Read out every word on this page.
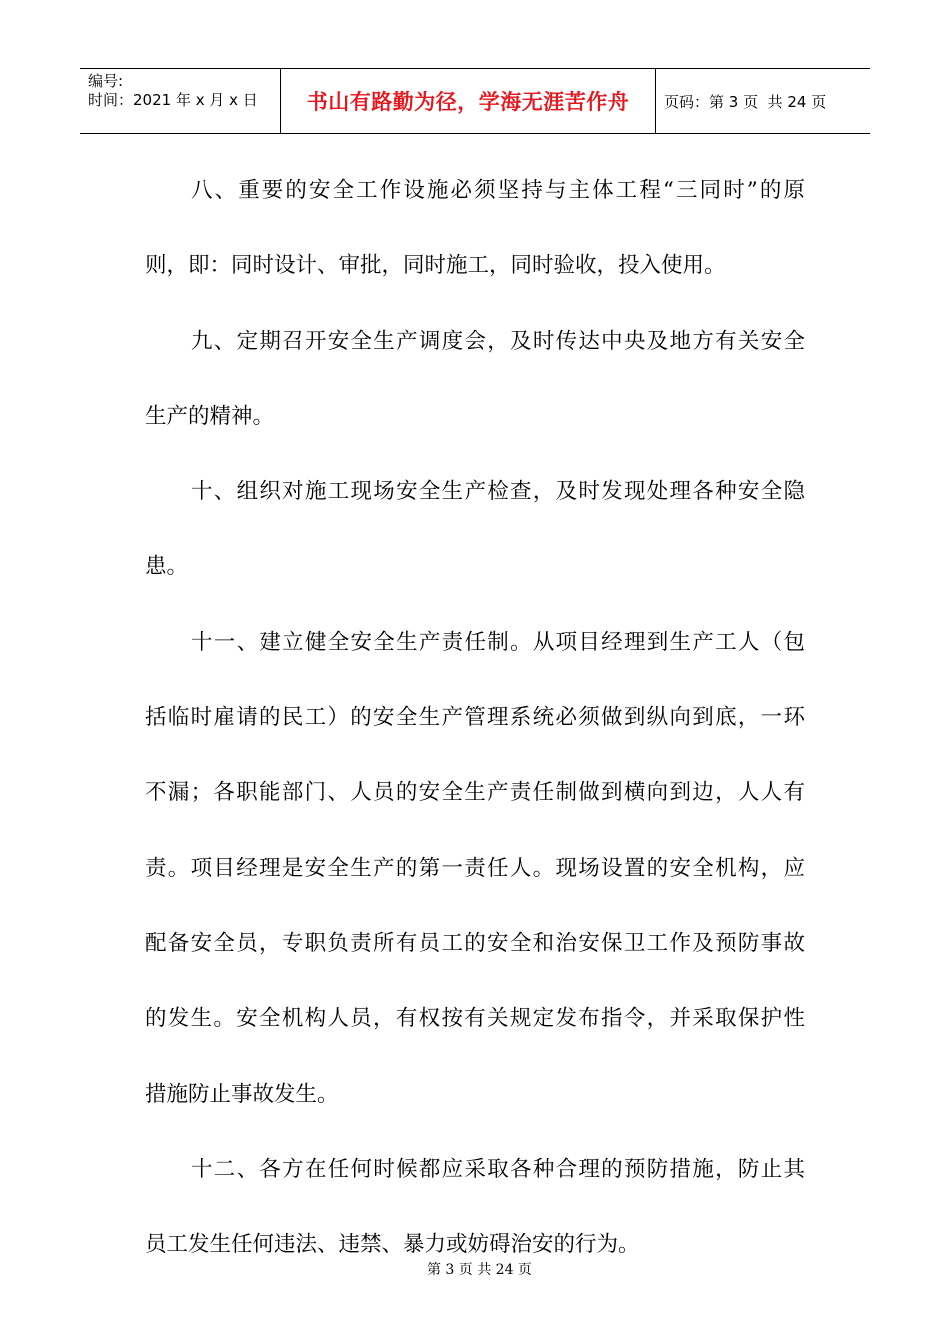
编号:
时间：2021 年 x 月 x 日	书山有路勤为径，学海无涯苦作舟 页码：第 3 页  共 24 页
八、重要的安全工作设施必须坚持与主体工程“三同时”的原
则，即：同时设计、审批，同时施工，同时验收，投入使用。
九、定期召开安全生产调度会，及时传达中央及地方有关安全
生产的精神。
十、组织对施工现场安全生产检查，及时发现处理各种安全隐
患。
十一、建立健全安全生产责任制。从项目经理到生产工人（包
括临时雇请的民工）的安全生产管理系统必须做到纵向到底，一环
不漏；各职能部门、人员的安全生产责任制做到横向到边，人人有
责。项目经理是安全生产的第一责任人。现场设置的安全机构，应
配备安全员，专职负责所有员工的安全和治安保卫工作及预防事故
的发生。安全机构人员，有权按有关规定发布指令，并采取保护性
措施防止事故发生。
十二、各方在任何时候都应采取各种合理的预防措施，防止其
员工发生任何违法、违禁、暴力或妨碍治安的行为。

第 3 页 共 24 页
